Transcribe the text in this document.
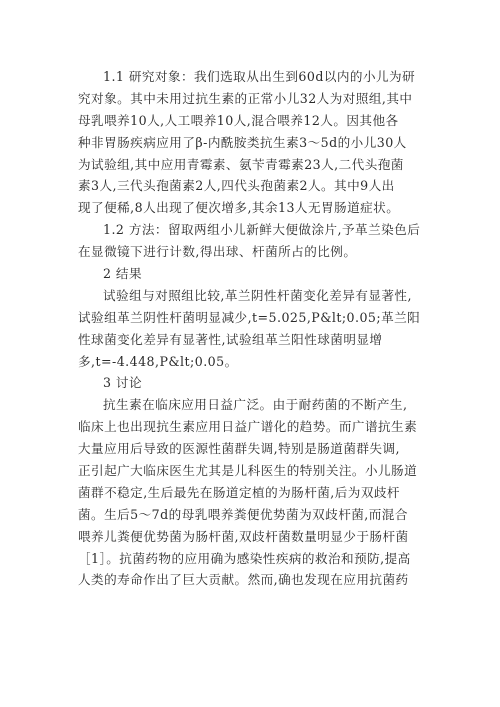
1.1 研究对象：我们选取从出生到60d以内的小儿为研
究对象。其中未用过抗生素的正常小儿32人为对照组,其中
母乳喂养10人,人工喂养10人,混合喂养12人。因其他各
种非胃肠疾病应用了β-内酰胺类抗生素3～5d的小儿30人
为试验组,其中应用青霉素、氨苄青霉素23人,二代头孢菌
素3人,三代头孢菌素2人,四代头孢菌素2人。其中9人出
现了便稀,8人出现了便次增多,其余13人无胃肠道症状。
1.2 方法：留取两组小儿新鲜大便做涂片,予革兰染色后
在显微镜下进行计数,得出球、杆菌所占的比例。
2 结果
试验组与对照组比较,革兰阴性杆菌变化差异有显著性,
试验组革兰阴性杆菌明显减少,t=5.025,P&lt;0.05;革兰阳
性球菌变化差异有显著性,试验组革兰阳性球菌明显增
多,t=-4.448,P&lt;0.05。
3 讨论
抗生素在临床应用日益广泛。由于耐药菌的不断产生,
临床上也出现抗生素应用日益广谱化的趋势。而广谱抗生素
大量应用后导致的医源性菌群失调,特别是肠道菌群失调,
正引起广大临床医生尤其是儿科医生的特别关注。小儿肠道
菌群不稳定,生后最先在肠道定植的为肠杆菌,后为双歧杆
菌。生后5～7d的母乳喂养粪便优势菌为双歧杆菌,而混合
喂养儿粪便优势菌为肠杆菌,双歧杆菌数量明显少于肠杆菌
［1］。抗菌药物的应用确为感染性疾病的救治和预防,提高
人类的寿命作出了巨大贡献。然而,确也发现在应用抗菌药
